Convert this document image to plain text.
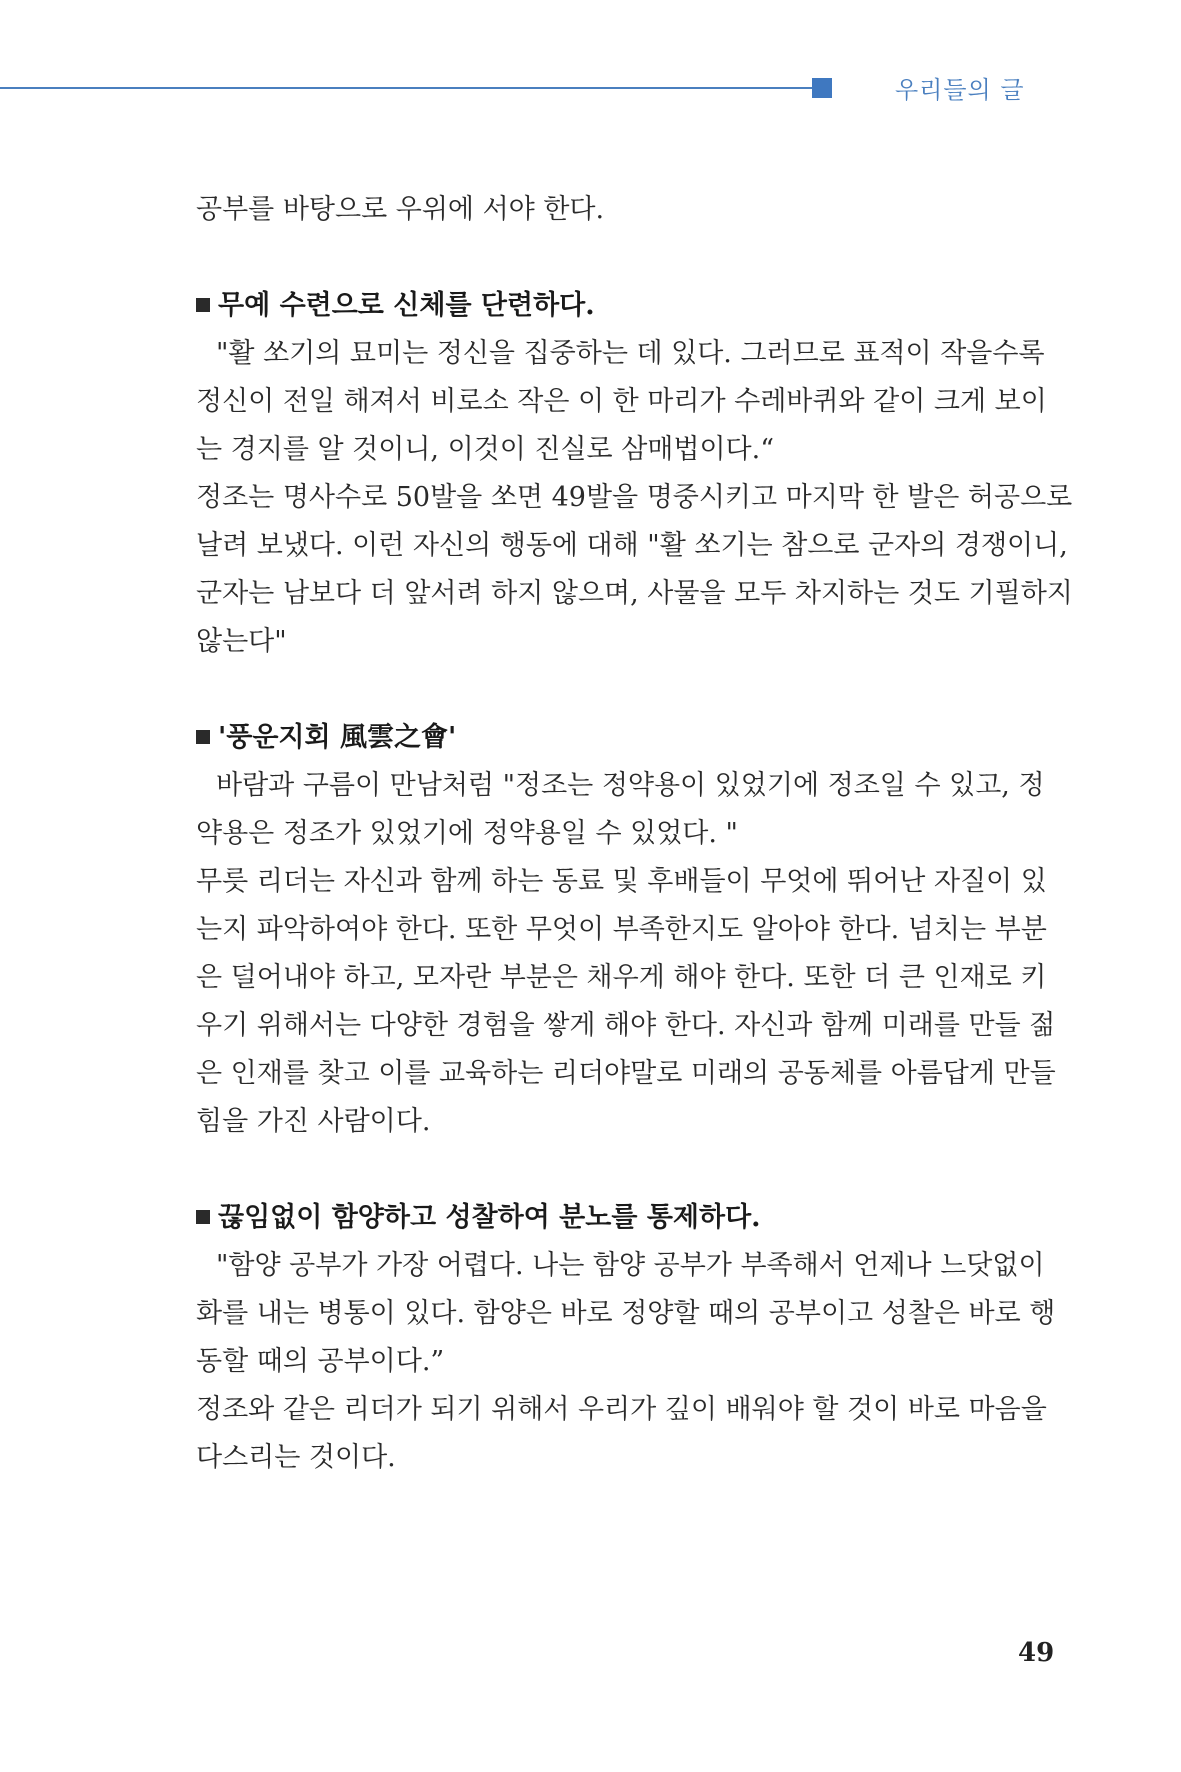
우리들의 글
공부를 바탕으로 우위에 서야 한다.
무예 수련으로 신체를 단련하다.
"활 쏘기의 묘미는 정신을 집중하는 데 있다. 그러므로 표적이 작을수록
정신이 전일 해져서 비로소 작은 이 한 마리가 수레바퀴와 같이 크게 보이
는 경지를 알 것이니, 이것이 진실로 삼매법이다.“
정조는 명사수로 50발을 쏘면 49발을 명중시키고 마지막 한 발은 허공으로
날려 보냈다. 이런 자신의 행동에 대해 "활 쏘기는 참으로 군자의 경쟁이니,
군자는 남보다 더 앞서려 하지 않으며, 사물을 모두 차지하는 것도 기필하지
않는다"
'풍운지회 風雲之會'
바람과 구름이 만남처럼 "정조는 정약용이 있었기에 정조일 수 있고, 정
약용은 정조가 있었기에 정약용일 수 있었다. "
무릇 리더는 자신과 함께 하는 동료 및 후배들이 무엇에 뛰어난 자질이 있
는지 파악하여야 한다. 또한 무엇이 부족한지도 알아야 한다. 넘치는 부분
은 덜어내야 하고, 모자란 부분은 채우게 해야 한다. 또한 더 큰 인재로 키
우기 위해서는 다양한 경험을 쌓게 해야 한다. 자신과 함께 미래를 만들 젊
은 인재를 찾고 이를 교육하는 리더야말로 미래의 공동체를 아름답게 만들
힘을 가진 사람이다.
끊임없이 함양하고 성찰하여 분노를 통제하다.
"함양 공부가 가장 어렵다. 나는 함양 공부가 부족해서 언제나 느닷없이
화를 내는 병통이 있다. 함양은 바로 정양할 때의 공부이고 성찰은 바로 행
동할 때의 공부이다.”
정조와 같은 리더가 되기 위해서 우리가 깊이 배워야 할 것이 바로 마음을
다스리는 것이다.
49
